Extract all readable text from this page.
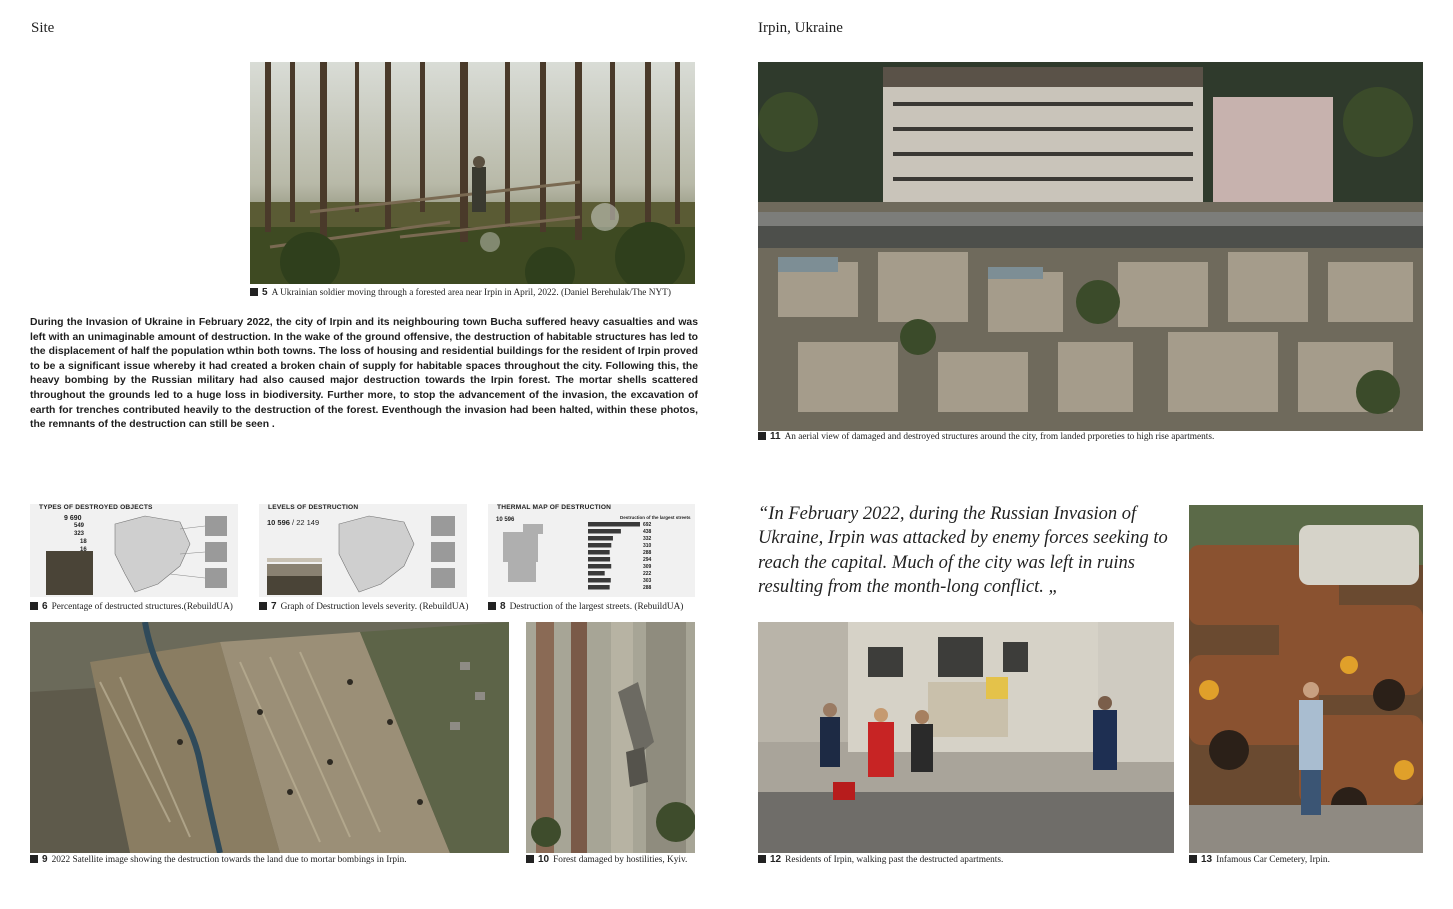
Site	Irpin, Ukraine
5 A Ukrainian soldier moving through a forested area near Irpin in April, 2022. (Daniel Berehulak/The NYT)
During the Invasion of Ukraine in February 2022, the city of Irpin and its neighbouring town Bucha suffered heavy casualties and was left with an unimaginable amount of destruction. In the wake of the ground offensive, the destruction of habitable structures has led to the displacement of half the population wthin both towns. The loss of housing and residential buildings for the resident of Irpin proved to be a significant issue whereby it had created a broken chain of supply for habitable spaces throughout the city. Following this, the heavy bombing by the Russian military had also caused major destruction towards the Irpin forest. The mortar shells scattered throughout the grounds led to a huge loss in biodiversity. Further more, to stop the advancement of the invasion, the excavation of earth for trenches contributed heavily to the destruction of the forest. Eventhough the invasion had been halted, within these photos, the remnants of the destruction can still be seen .
11 An aerial view of damaged and destroyed structures around the city, from landed prporeties to high rise apartments.
TYPES OF DESTROYED OBJECTS
9 690
549
323
18
16
6 Percentage of destructed structures.(RebuildUA)
LEVELS OF DESTRUCTION
10 596 / 22 149
7 Graph of Destruction levels severity. (RebuildUA)
THERMAL MAP OF DESTRUCTION
10 596	Destruction of the largest streets
692
438
332
310
288
294
309
222
303
288
8 Destruction of the largest streets. (RebuildUA)
9 2022 Satellite image showing the destruction towards the land due to mortar bombings in Irpin.	10 Forest damaged by hostilities, Kyiv.
“In February 2022, during the Russian Invasion of Ukraine, Irpin was attacked by enemy forces seeking to reach the capital. Much of the city was left in ruins resulting from the month-long conflict. „
12 Residents of Irpin, walking past the destructed apartments.	13 Infamous Car Cemetery, Irpin.
